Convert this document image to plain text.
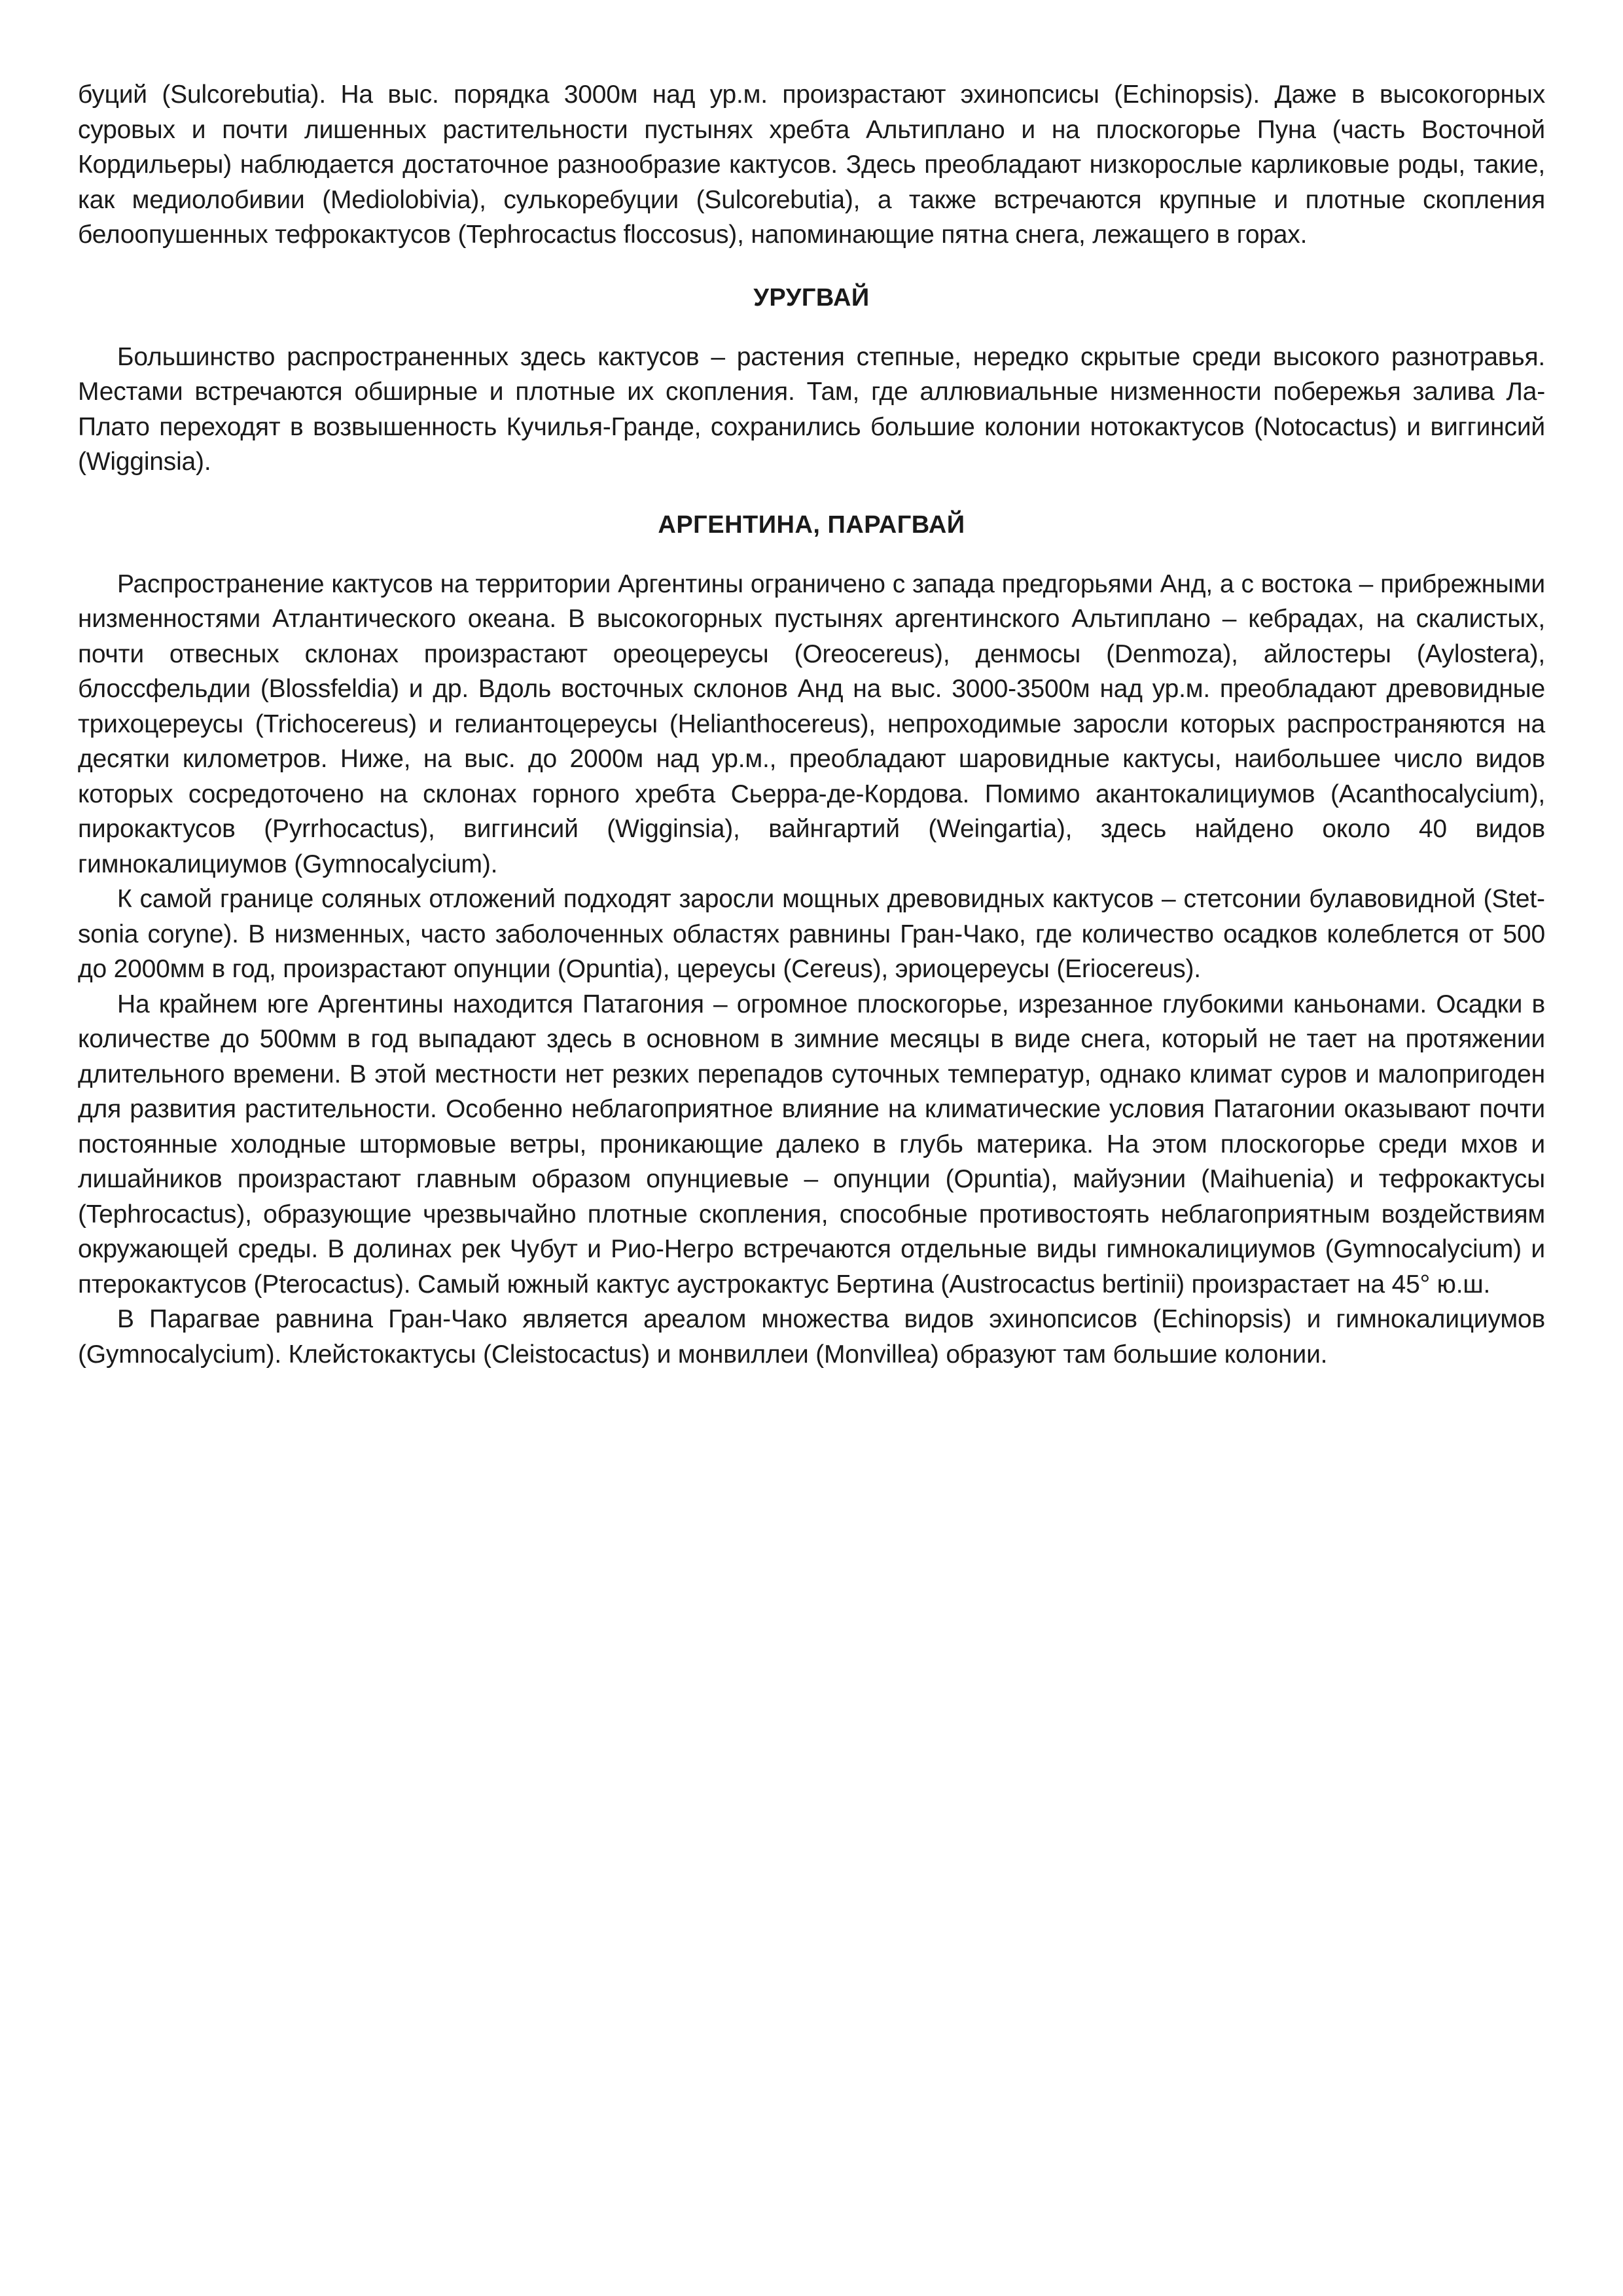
буций (Sulcorebutia). На выс. порядка 3000м над ур.м. произрастают эхинопсисы (Echinopsis). Даже в высокогорных суровых и почти лишенных растительности пустынях хребта Альтиплано и на плоскогорье Пуна (часть Восточной Кордильеры) наблюдается достаточное разнообразие кактусов. Здесь преобладают низкорослые карликовые роды, такие, как медиолобивии (Mediolobivia), сулькоребуции (Sulcorebutia), а также встречаются крупные и плотные скопления белоопушенных тефрокактусов (Tephrocactus floccosus), напоминающие пятна снега, лежащего в горах.

УРУГВАЙ

Большинство распространенных здесь кактусов – растения степные, нередко скрытые среди высокого разнотравья. Местами встречаются обширные и плотные их скопления. Там, где аллювиальные низменности побережья залива Ла-Плато переходят в возвышенность Кучилья-Гранде, сохранились большие колонии нотокактусов (Notocactus) и виггинсий (Wigginsia).

АРГЕНТИНА, ПАРАГВАЙ

Распространение кактусов на территории Аргентины ограничено с запада предгорьями Анд, а с востока – прибрежными низменностями Атлантического океана. В высокогорных пустынях аргентинского Альтиплано – кебрадах, на скалистых, почти отвесных склонах произрастают ореоцереусы (Oreocereus), денмосы (Denmoza), айлостеры (Aylostera), блоссфельдии (Blossfeldia) и др. Вдоль восточных склонов Анд на выс. 3000-3500м над ур.м. преобладают древовидные трихоцереусы (Trichocereus) и гелиантоцереусы (Helianthocereus), непроходимые заросли которых распространяются на десятки километров. Ниже, на выс. до 2000м над ур.м., преобладают шаровидные кактусы, наибольшее число видов которых сосредоточено на склонах горного хребта Сьерра-де-Кордова. Помимо акантокалициумов (Acanthocalycium), пирокактусов (Pyrrhocactus), виггинсий (Wigginsia), вайнгартий (Weingartia), здесь найдено около 40 видов гимнокалициумов (Gymnocalycium).

К самой границе соляных отложений подходят заросли мощных древовидных кактусов – стетсонии булавовидной (Stetsonia coryne). В низменных, часто заболоченных областях равнины Гран-Чако, где количество осадков колеблется от 500 до 2000мм в год, произрастают опунции (Opuntia), цереусы (Cereus), эриоцереусы (Eriocereus).

На крайнем юге Аргентины находится Патагония – огромное плоскогорье, изрезанное глубокими каньонами. Осадки в количестве до 500мм в год выпадают здесь в основном в зимние месяцы в виде снега, который не тает на протяжении длительного времени. В этой местности нет резких перепадов суточных температур, однако климат суров и малопригоден для развития растительности. Особенно неблагоприятное влияние на климатические условия Патагонии оказывают почти постоянные холодные штормовые ветры, проникающие далеко в глубь материка. На этом плоскогорье среди мхов и лишайников произрастают главным образом опунциевые – опунции (Opuntia), майуэнии (Maihuenia) и тефрокактусы (Tephrocactus), образующие чрезвычайно плотные скопления, способные противостоять неблагоприятным воздействиям окружающей среды. В долинах рек Чубут и Рио-Негро встречаются отдельные виды гимнокалициумов (Gymnocalycium) и птерокактусов (Pterocactus). Самый южный кактус аустрокактус Бертина (Austrocactus bertinii) произрастает на 45° ю.ш.

В Парагвае равнина Гран-Чако является ареалом множества видов эхинопсисов (Echinopsis) и гимнокалициумов (Gymnocalycium). Клейстокактусы (Cleistocactus) и монвиллеи (Monvillea) образуют там большие колонии.
